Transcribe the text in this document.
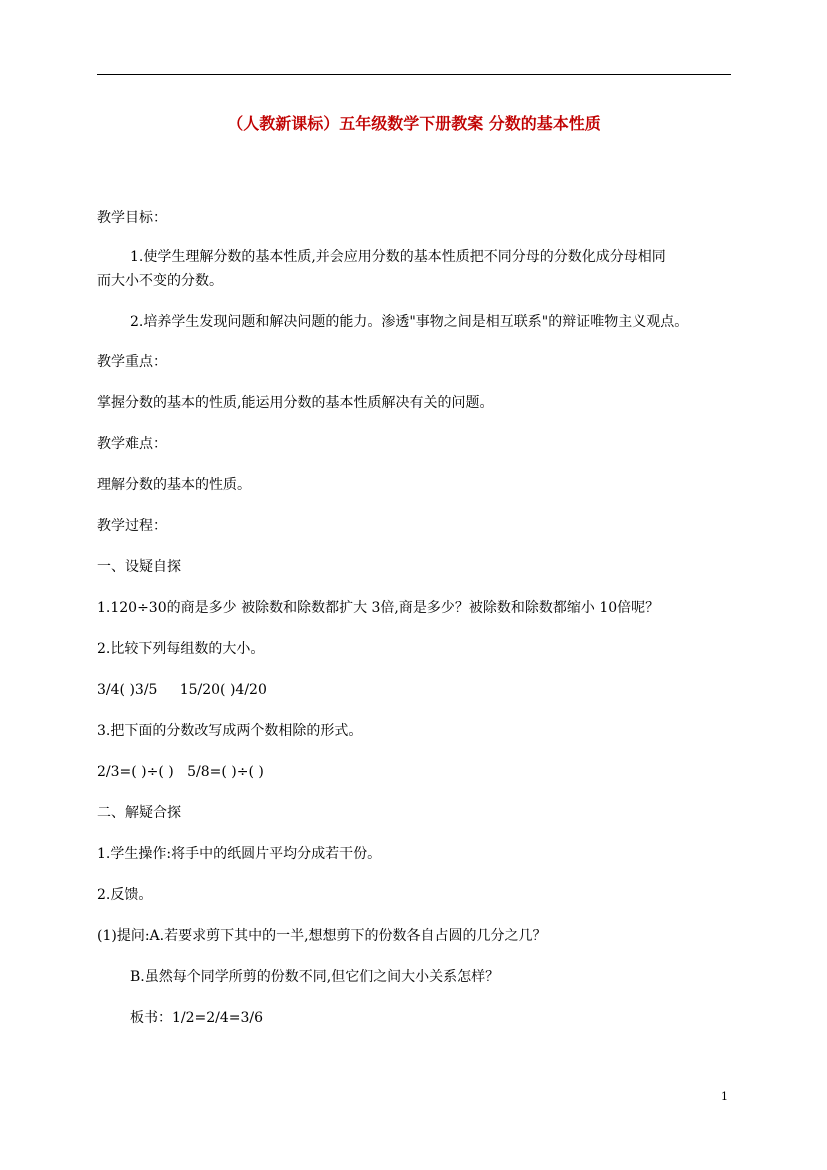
（人教新课标）五年级数学下册教案 分数的基本性质
教学目标：
1.使学生理解分数的基本性质,并会应用分数的基本性质把不同分母的分数化成分母相同
而大小不变的分数。
2.培养学生发现问题和解决问题的能力。渗透"事物之间是相互联系"的辩证唯物主义观点。
教学重点：
掌握分数的基本的性质,能运用分数的基本性质解决有关的问题。
教学难点：
理解分数的基本的性质。
教学过程：
一、设疑自探
1.120÷30的商是多少 被除数和除数都扩大 3倍,商是多少？被除数和除数都缩小 10倍呢？
2.比较下列每组数的大小。
3/4( )3/5     15/20( )4/20
3.把下面的分数改写成两个数相除的形式。
2/3=( )÷( )   5/8=( )÷( )
二、解疑合探
1.学生操作:将手中的纸圆片平均分成若干份。
2.反馈。
(1)提问:A.若要求剪下其中的一半,想想剪下的份数各自占圆的几分之几？
B.虽然每个同学所剪的份数不同,但它们之间大小关系怎样？
板书：1/2=2/4=3/6
1
